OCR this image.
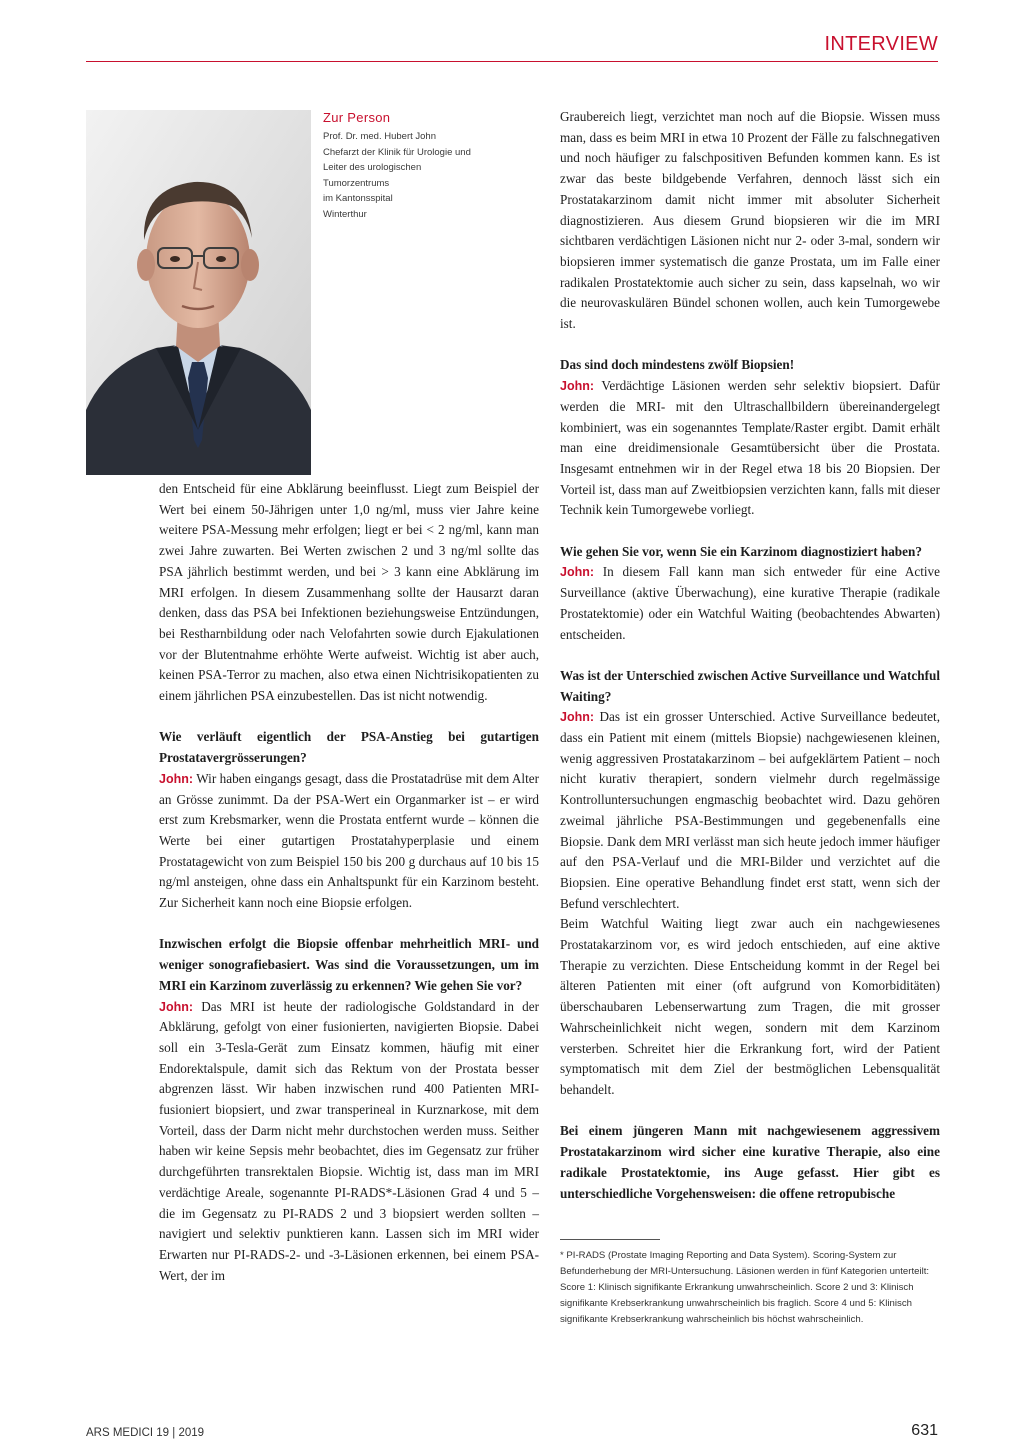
INTERVIEW
Zur Person
Prof. Dr. med. Hubert John
Chefarzt der Klinik für Urologie und
Leiter des urologischen Tumorzentrums
im Kantonsspital
Winterthur

den Entscheid für eine Abklärung beeinflusst. Liegt zum Beispiel der Wert bei einem 50-Jährigen unter 1,0 ng/ml, muss vier Jahre keine weitere PSA-Messung mehr erfolgen; liegt er bei < 2 ng/ml, kann man zwei Jahre zuwarten. Bei Werten zwischen 2 und 3 ng/ml sollte das PSA jährlich bestimmt werden, und bei > 3 kann eine Abklärung im MRI erfolgen. In diesem Zusammenhang sollte der Hausarzt daran denken, dass das PSA bei Infektionen beziehungsweise Entzündungen, bei Restharnbildung oder nach Velofahrten sowie durch Ejakulationen vor der Blutentnahme erhöhte Werte aufweist. Wichtig ist aber auch, keinen PSA-Terror zu machen, also etwa einen Nichtrisikopatienten zu einem jährlichen PSA einzubestellen. Das ist nicht notwendig.

Wie verläuft eigentlich der PSA-Anstieg bei gutartigen Prostatavergrösserungen?

John: Wir haben eingangs gesagt, dass die Prostatadrüse mit dem Alter an Grösse zunimmt. Da der PSA-Wert ein Organmarker ist – er wird erst zum Krebsmarker, wenn die Prostata entfernt wurde – können die Werte bei einer gutartigen Prostatahyperplasie und einem Prostatagewicht von zum Beispiel 150 bis 200 g durchaus auf 10 bis 15 ng/ml ansteigen, ohne dass ein Anhaltspunkt für ein Karzinom besteht. Zur Sicherheit kann noch eine Biopsie erfolgen.

Inzwischen erfolgt die Biopsie offenbar mehrheitlich MRI- und weniger sonografiebasiert. Was sind die Voraussetzungen, um im MRI ein Karzinom zuverlässig zu erkennen? Wie gehen Sie vor?

John: Das MRI ist heute der radiologische Goldstandard in der Abklärung, gefolgt von einer fusionierten, navigierten Biopsie. Dabei soll ein 3-Tesla-Gerät zum Einsatz kommen, häufig mit einer Endorektalspule, damit sich das Rektum von der Prostata besser abgrenzen lässt. Wir haben inzwischen rund 400 Patienten MRI-fusioniert biopsiert, und zwar transperineal in Kurznarkose, mit dem Vorteil, dass der Darm nicht mehr durchstochen werden muss. Seither haben wir keine Sepsis mehr beobachtet, dies im Gegensatz zur früher durchgeführten transrektalen Biopsie. Wichtig ist, dass man im MRI verdächtige Areale, sogenannte PI-RADS*-Läsionen Grad 4 und 5 – die im Gegensatz zu PI-RADS 2 und 3 biopsiert werden sollten – navigiert und selektiv punktieren kann. Lassen sich im MRI wider Erwarten nur PI-RADS-2- und -3-Läsionen erkennen, bei einem PSA-Wert, der im

Graubereich liegt, verzichtet man noch auf die Biopsie. Wissen muss man, dass es beim MRI in etwa 10 Prozent der Fälle zu falschnegativen und noch häufiger zu falschpositiven Befunden kommen kann. Es ist zwar das beste bildgebende Verfahren, dennoch lässt sich ein Prostatakarzinom damit nicht immer mit absoluter Sicherheit diagnostizieren. Aus diesem Grund biopsieren wir die im MRI sichtbaren verdächtigen Läsionen nicht nur 2- oder 3-mal, sondern wir biopsieren immer systematisch die ganze Prostata, um im Falle einer radikalen Prostatektomie auch sicher zu sein, dass kapselnah, wo wir die neurovaskulären Bündel schonen wollen, auch kein Tumorgewebe ist.

Das sind doch mindestens zwölf Biopsien!

John: Verdächtige Läsionen werden sehr selektiv biopsiert. Dafür werden die MRI- mit den Ultraschallbildern übereinandergelegt kombiniert, was ein sogenanntes Template/Raster ergibt. Damit erhält man eine dreidimensionale Gesamtübersicht über die Prostata. Insgesamt entnehmen wir in der Regel etwa 18 bis 20 Biopsien. Der Vorteil ist, dass man auf Zweitbiopsien verzichten kann, falls mit dieser Technik kein Tumorgewebe vorliegt.

Wie gehen Sie vor, wenn Sie ein Karzinom diagnostiziert haben?

John: In diesem Fall kann man sich entweder für eine Active Surveillance (aktive Überwachung), eine kurative Therapie (radikale Prostatektomie) oder ein Watchful Waiting (beobachtendes Abwarten) entscheiden.

Was ist der Unterschied zwischen Active Surveillance und Watchful Waiting?

John: Das ist ein grosser Unterschied. Active Surveillance bedeutet, dass ein Patient mit einem (mittels Biopsie) nachgewiesenen kleinen, wenig aggressiven Prostatakarzinom – bei aufgeklärtem Patient – noch nicht kurativ therapiert, sondern vielmehr durch regelmässige Kontrolluntersuchungen engmaschig beobachtet wird. Dazu gehören zweimal jährliche PSA-Bestimmungen und gegebenenfalls eine Biopsie. Dank dem MRI verlässt man sich heute jedoch immer häufiger auf den PSA-Verlauf und die MRI-Bilder und verzichtet auf die Biopsien. Eine operative Behandlung findet erst statt, wenn sich der Befund verschlechtert.

Beim Watchful Waiting liegt zwar auch ein nachgewiesenes Prostatakarzinom vor, es wird jedoch entschieden, auf eine aktive Therapie zu verzichten. Diese Entscheidung kommt in der Regel bei älteren Patienten mit einer (oft aufgrund von Komorbiditäten) überschaubaren Lebenserwartung zum Tragen, die mit grosser Wahrscheinlichkeit nicht wegen, sondern mit dem Karzinom versterben. Schreitet hier die Erkrankung fort, wird der Patient symptomatisch mit dem Ziel der bestmöglichen Lebensqualität behandelt.

Bei einem jüngeren Mann mit nachgewiesenem aggressivem Prostatakarzinom wird sicher eine kurative Therapie, also eine radikale Prostatektomie, ins Auge gefasst. Hier gibt es unterschiedliche Vorgehensweisen: die offene retropubische

* PI-RADS (Prostate Imaging Reporting and Data System). Scoring-System zur Befunderhebung der MRI-Untersuchung. Läsionen werden in fünf Kategorien unterteilt: Score 1: Klinisch signifikante Erkrankung unwahrscheinlich. Score 2 und 3: Klinisch signifikante Krebserkrankung unwahrscheinlich bis fraglich. Score 4 und 5: Klinisch signifikante Krebserkrankung wahrscheinlich bis höchst wahrscheinlich.
ARS MEDICI 19 | 2019	631
